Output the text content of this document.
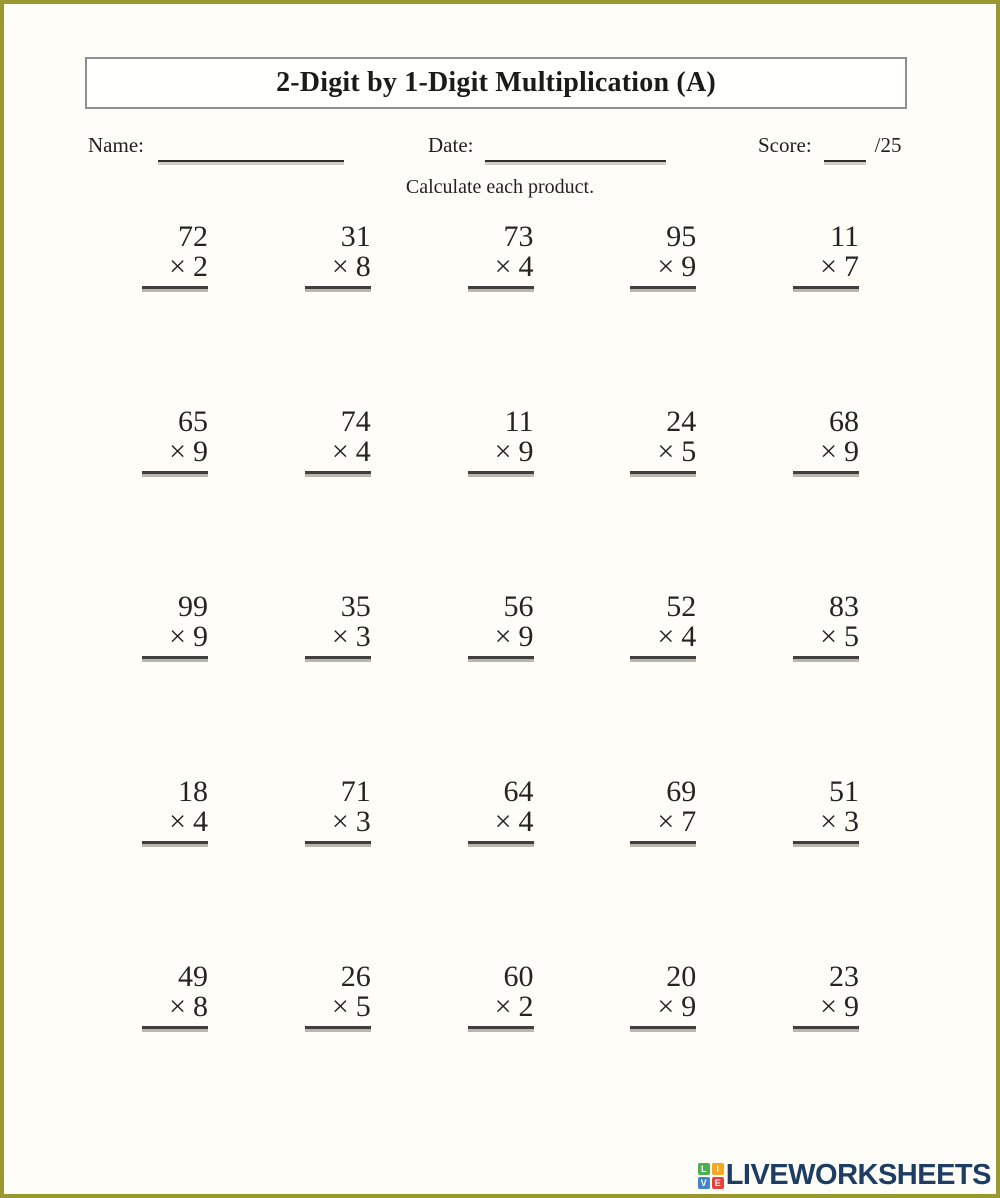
2-Digit by 1-Digit Multiplication (A)
Name:	Date:	Score:	/25
Calculate each product.
72
× 2
31
× 8
73
× 4
95
× 9
11
× 7
65
× 9
74
× 4
11
× 9
24
× 5
68
× 9
99
× 9
35
× 3
56
× 9
52
× 4
83
× 5
18
× 4
71
× 3
64
× 4
69
× 7
51
× 3
49
× 8
26
× 5
60
× 2
20
× 9
23
× 9
L	I
V E LIVEWORKSHEETS
